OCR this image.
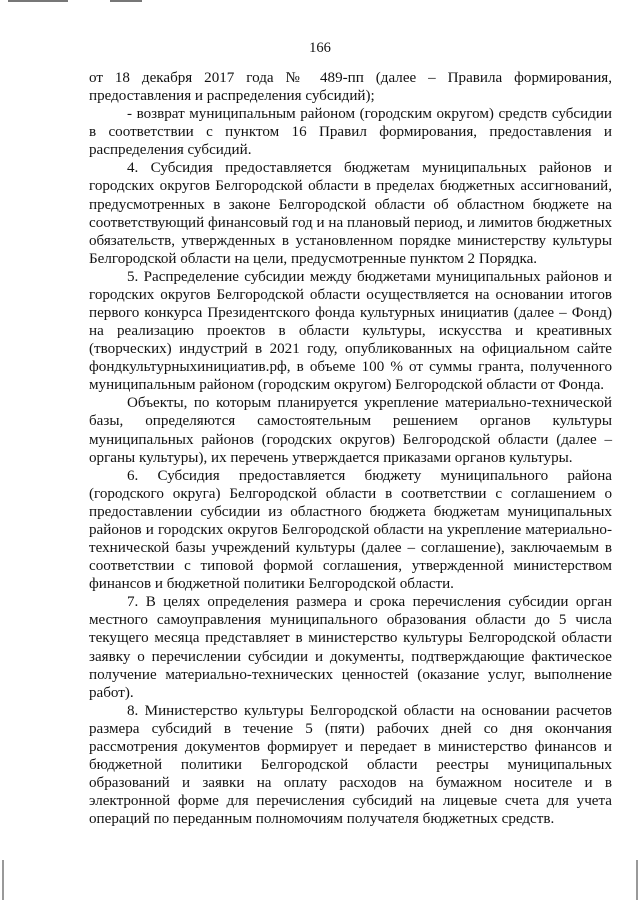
166

от 18 декабря 2017 года № 489-пп (далее – Правила формирования, предоставления и распределения субсидий);

- возврат муниципальным районом (городским округом) средств субсидии в соответствии с пунктом 16 Правил формирования, предоставления и распределения субсидий.

4. Субсидия предоставляется бюджетам муниципальных районов и городских округов Белгородской области в пределах бюджетных ассигнований, предусмотренных в законе Белгородской области об областном бюджете на соответствующий финансовый год и на плановый период, и лимитов бюджетных обязательств, утвержденных в установленном порядке министерству культуры Белгородской области на цели, предусмотренные пунктом 2 Порядка.

5. Распределение субсидии между бюджетами муниципальных районов и городских округов Белгородской области осуществляется на основании итогов первого конкурса Президентского фонда культурных инициатив (далее – Фонд) на реализацию проектов в области культуры, искусства и креативных (творческих) индустрий в 2021 году, опубликованных на официальном сайте фондкультурныхинициатив.рф, в объеме 100 % от суммы гранта, полученного муниципальным районом (городским округом) Белгородской области от Фонда.

Объекты, по которым планируется укрепление материально-технической базы, определяются самостоятельным решением органов культуры муниципальных районов (городских округов) Белгородской области (далее – органы культуры), их перечень утверждается приказами органов культуры.

6. Субсидия предоставляется бюджету муниципального района (городского округа) Белгородской области в соответствии с соглашением о предоставлении субсидии из областного бюджета бюджетам муниципальных районов и городских округов Белгородской области на укрепление материально-технической базы учреждений культуры (далее – соглашение), заключаемым в соответствии с типовой формой соглашения, утвержденной министерством финансов и бюджетной политики Белгородской области.

7. В целях определения размера и срока перечисления субсидии орган местного самоуправления муниципального образования области до 5 числа текущего месяца представляет в министерство культуры Белгородской области заявку о перечислении субсидии и документы, подтверждающие фактическое получение материально-технических ценностей (оказание услуг, выполнение работ).

8. Министерство культуры Белгородской области на основании расчетов размера субсидий в течение 5 (пяти) рабочих дней со дня окончания рассмотрения документов формирует и передает в министерство финансов и бюджетной политики Белгородской области реестры муниципальных образований и заявки на оплату расходов на бумажном носителе и в электронной форме для перечисления субсидий на лицевые счета для учета операций по переданным полномочиям получателя бюджетных средств.
